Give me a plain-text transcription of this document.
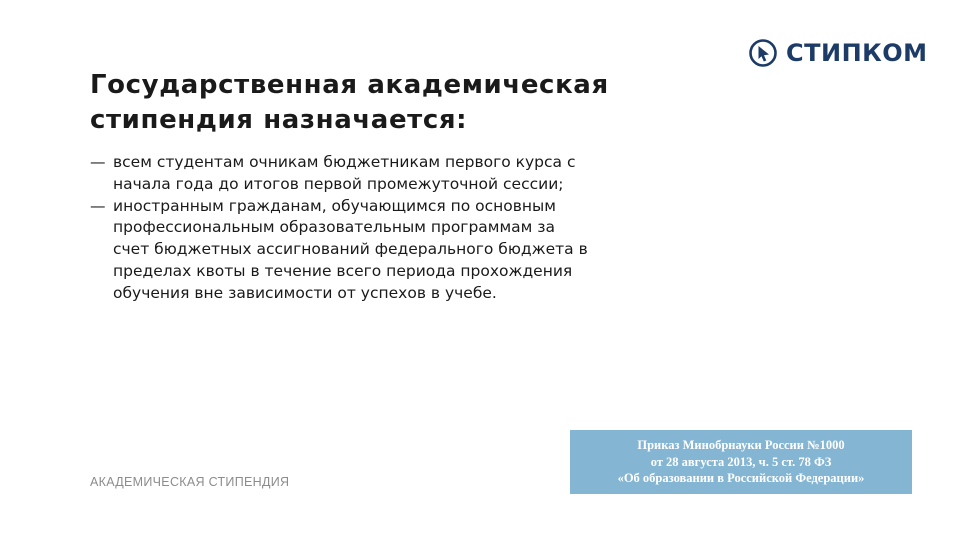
СТИПКОМ
Государственная академическая стипендия назначается:
— всем студентам очникам бюджетникам первого курса с начала года до итогов первой промежуточной сессии;
— иностранным гражданам, обучающимся по основным профессиональным образовательным программам за счет бюджетных ассигнований федерального бюджета в пределах квоты в течение всего периода прохождения обучения вне зависимости от успехов в учебе.
АКАДЕМИЧЕСКАЯ СТИПЕНДИЯ
Приказ Минобрнауки России №1000
от 28 августа 2013, ч. 5 ст. 78 ФЗ
«Об образовании в Российской Федерации»
